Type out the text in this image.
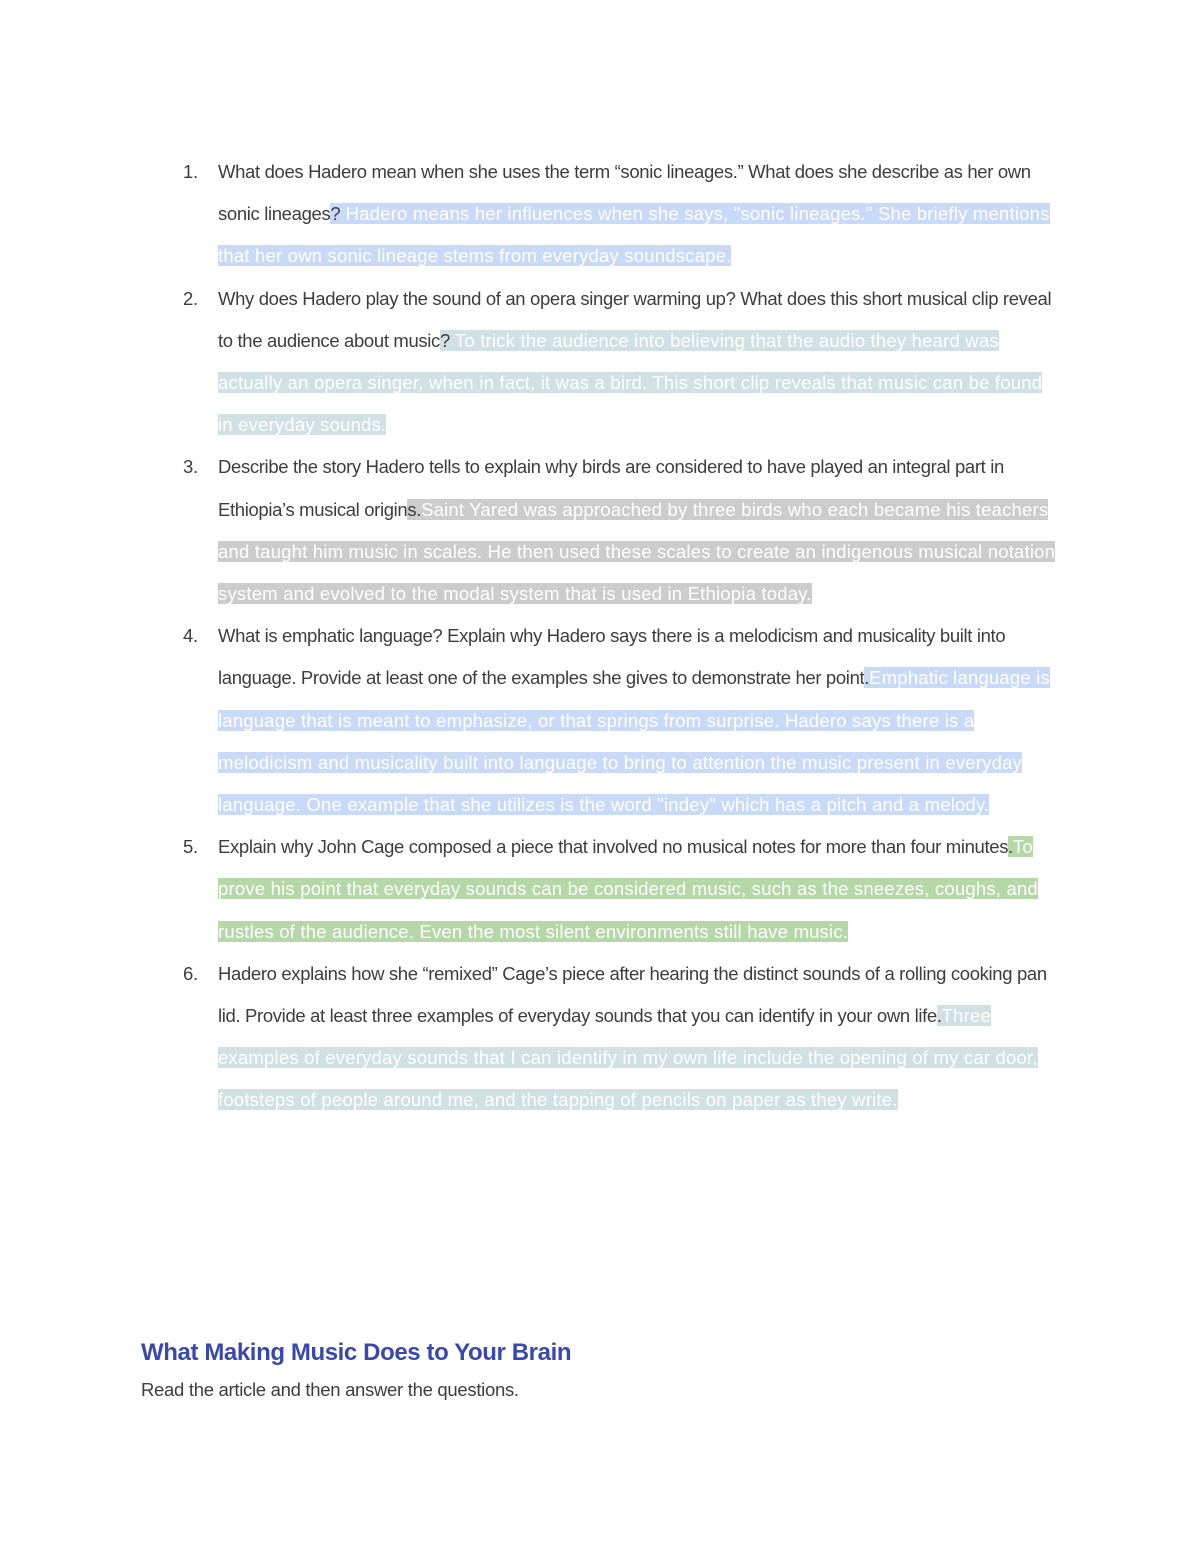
1. What does Hadero mean when she uses the term “sonic lineages.” What does she describe as her own sonic lineages? Hadero means her influences when she says, "sonic lineages." She briefly mentions that her own sonic lineage stems from everyday soundscape.
2. Why does Hadero play the sound of an opera singer warming up? What does this short musical clip reveal to the audience about music? To trick the audience into believing that the audio they heard was actually an opera singer, when in fact, it was a bird. This short clip reveals that music can be found in everyday sounds.
3. Describe the story Hadero tells to explain why birds are considered to have played an integral part in Ethiopia’s musical origins.Saint Yared was approached by three birds who each became his teachers and taught him music in scales. He then used these scales to create an indigenous musical notation system and evolved to the modal system that is used in Ethiopia today.
4. What is emphatic language? Explain why Hadero says there is a melodicism and musicality built into language. Provide at least one of the examples she gives to demonstrate her point.Emphatic language is language that is meant to emphasize, or that springs from surprise. Hadero says there is a melodicism and musicality built into language to bring to attention the music present in everyday language. One example that she utilizes is the word "indey" which has a pitch and a melody.
5. Explain why John Cage composed a piece that involved no musical notes for more than four minutes.To prove his point that everyday sounds can be considered music, such as the sneezes, coughs, and rustles of the audience. Even the most silent environments still have music.
6. Hadero explains how she “remixed” Cage’s piece after hearing the distinct sounds of a rolling cooking pan lid. Provide at least three examples of everyday sounds that you can identify in your own life.Three examples of everyday sounds that I can identify in my own life include the opening of my car door, footsteps of people around me, and the tapping of pencils on paper as they write.
What Making Music Does to Your Brain

Read the article and then answer the questions.
